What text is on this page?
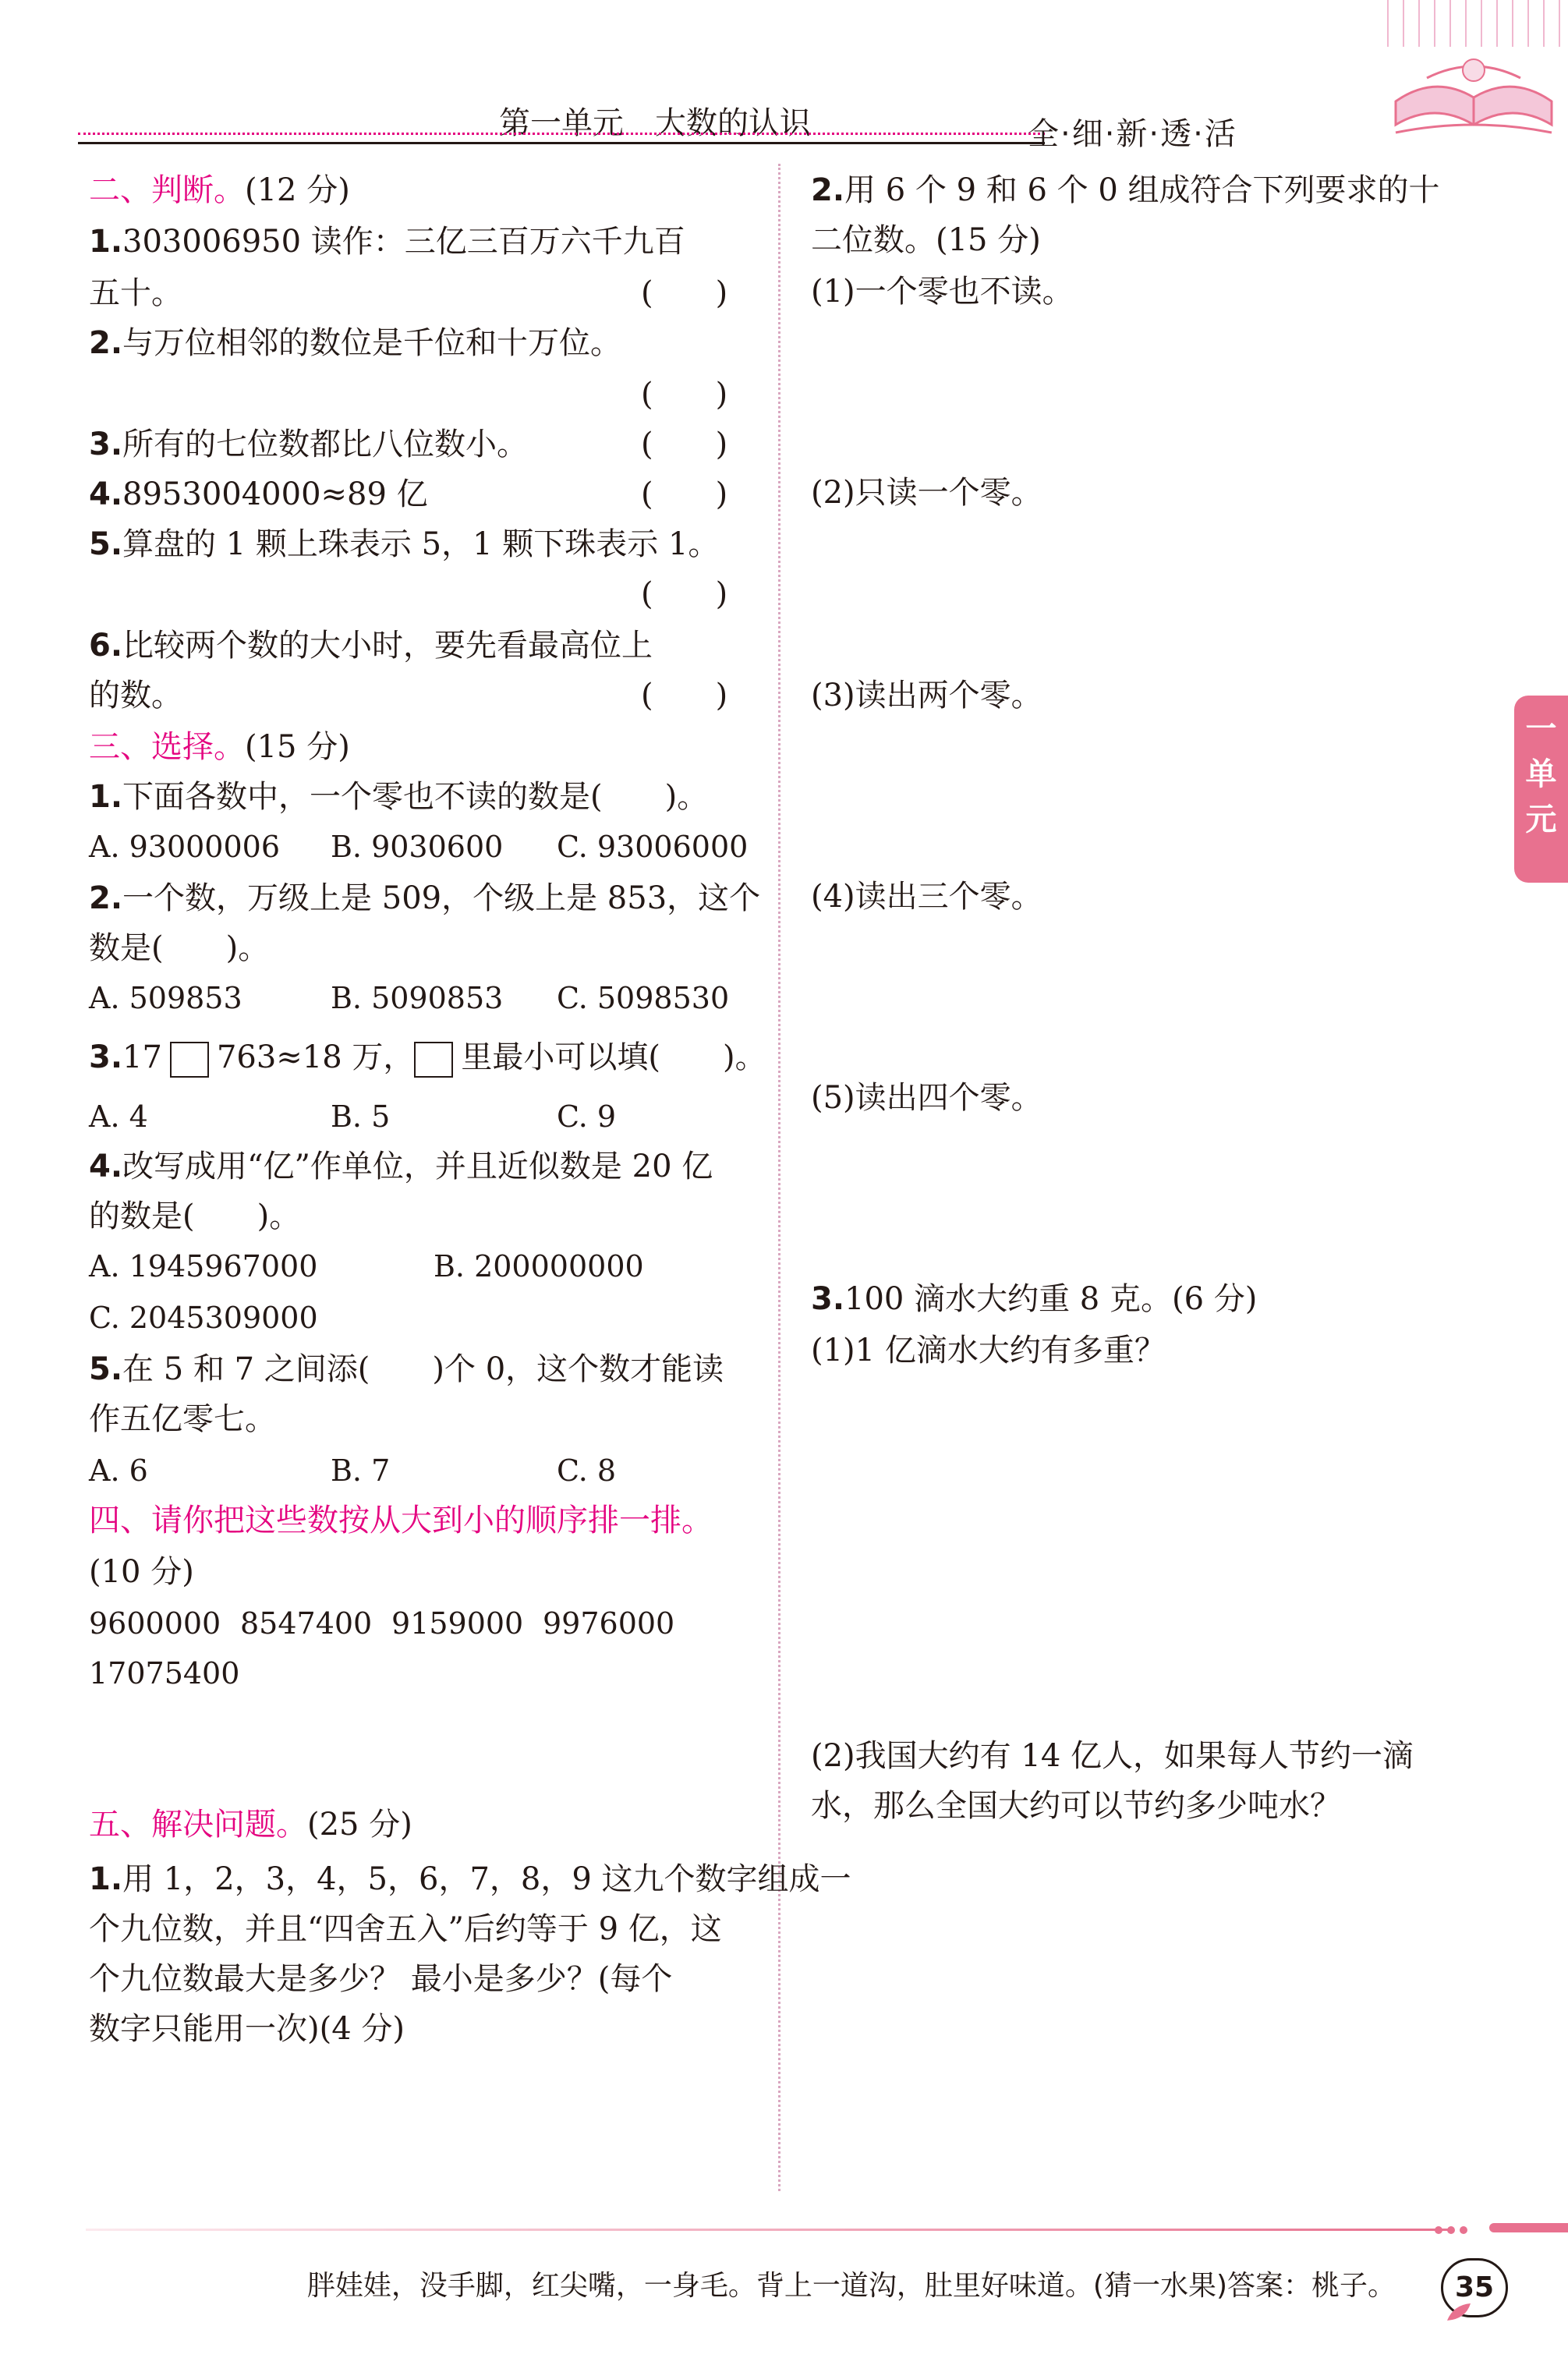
第一单元　大数的认识	全·细·新·透·活
一
单
元
二、判断。(12 分)
1.303006950 读作：三亿三百万六千九百
五十。	(　　)
2.与万位相邻的数位是千位和十万位。
(　　)
3.所有的七位数都比八位数小。	(　　)
4.8953004000≈89 亿	(　　)
5.算盘的 1 颗上珠表示 5，1 颗下珠表示 1。
(　　)
6.比较两个数的大小时，要先看最高位上
的数。	(　　)
三、选择。(15 分)
1.下面各数中，一个零也不读的数是(　　)。
A. 93000006 B. 9030600 C. 93006000
2.一个数，万级上是 509，个级上是 853，这个
数是(　　)。
A. 509853	B. 5090853 C. 5098530
3.17 763≈18 万， 里最小可以填(　　)。
A. 4	B. 5	C. 9
4.改写成用“亿”作单位，并且近似数是 20 亿
的数是(　　)。
A. 1945967000	B. 200000000
C. 2045309000
5.在 5 和 7 之间添(　　)个 0，这个数才能读
作五亿零七。
A. 6	B. 7	C. 8
四、请你把这些数按从大到小的顺序排一排。
(10 分)
9600000 8547400 9159000 9976000
17075400
五、解决问题。(25 分)
1.用 1，2，3，4，5，6，7，8，9 这九个数字组成一
个九位数，并且“四舍五入”后约等于 9 亿，这
个九位数最大是多少？ 最小是多少？(每个
数字只能用一次)(4 分)
2.用 6 个 9 和 6 个 0 组成符合下列要求的十
二位数。(15 分)
(1)一个零也不读。
(2)只读一个零。
(3)读出两个零。
(4)读出三个零。
(5)读出四个零。
3.100 滴水大约重 8 克。(6 分)
(1)1 亿滴水大约有多重？
(2)我国大约有 14 亿人，如果每人节约一滴
水，那么全国大约可以节约多少吨水？
胖娃娃，没手脚，红尖嘴，一身毛。背上一道沟，肚里好味道。(猜一水果)答案：桃子。	35
